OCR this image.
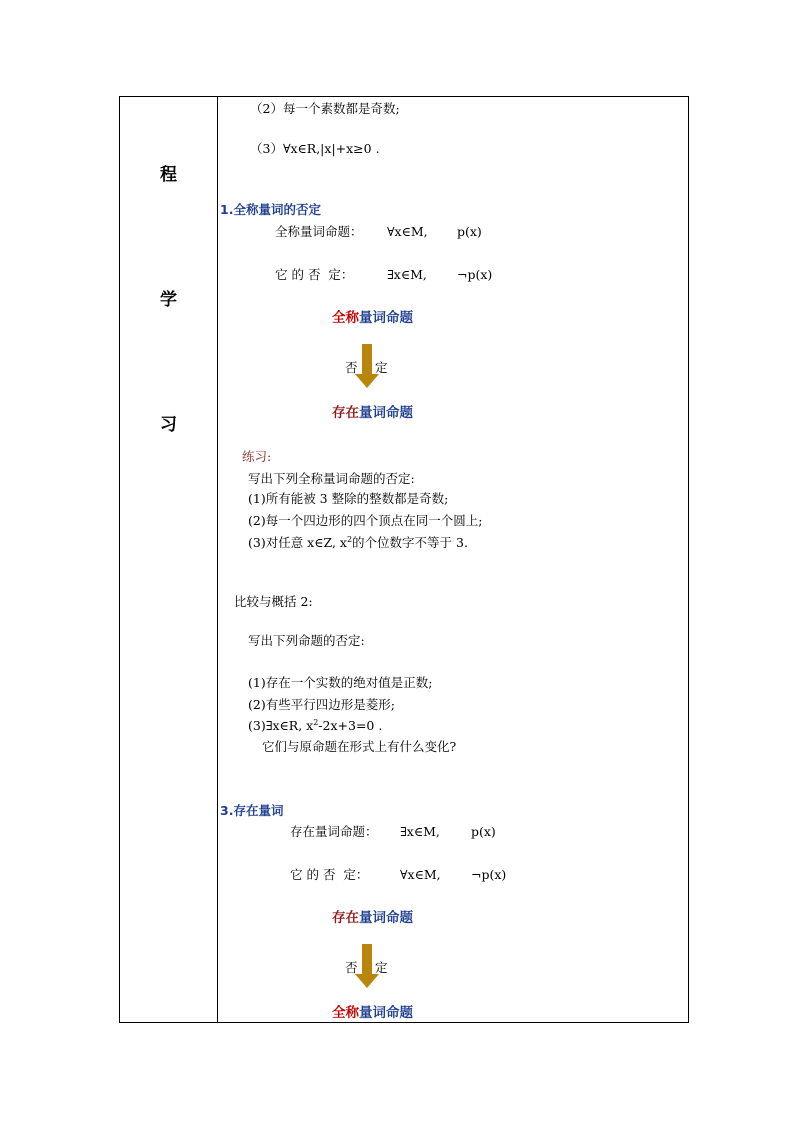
程
学
习
（2）每一个素数都是奇数;
（3）∀x∈R,|x|+x≥0 .
1.全称量词的否定
全称量词命题： ∀x∈M, p(x)
它 的 否  定：	∃x∈M, ¬p(x)
全称量词命题
否 定
存在量词命题
练习:
写出下列全称量词命题的否定:
(1)所有能被 3 整除的整数都是奇数;
(2)每一个四边形的四个顶点在同一个圆上;
(3)对任意 x∈Z, $x^2$的个位数字不等于 3.
比较与概括 2:
写出下列命题的否定:
(1)存在一个实数的绝对值是正数;
(2)有些平行四边形是菱形;
(3)∃x∈R, $x^2-2x+3=0$ .
它们与原命题在形式上有什么变化?
3.存在量词
存在量词命题： ∃x∈M, p(x)
它 的 否  定：	∀x∈M, ¬p(x)
存在量词命题
否 定
全称量词命题
